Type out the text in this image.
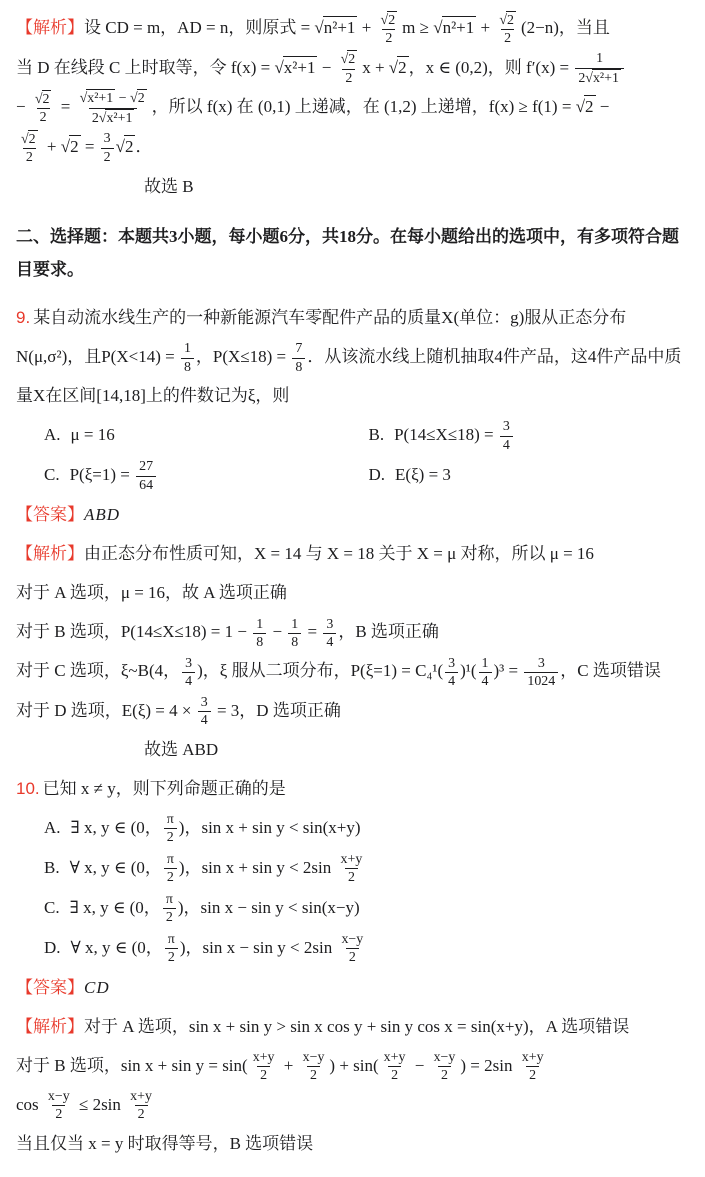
【解析】设 CD = m，AD = n，则原式 = $√n^2+1 + \frac{√2}{2}$ $m \ge √n^2+1 + \frac{√2}{2} (2-n)$，当且

当 D 在线段 C 上时取等，令 $f(x) = √x^2+1 - \frac{√2}{2}$ x + √2 ，x ∈ (0,2)，则 $f'(x) = \frac{1}{\text{2√x²+1}}$

− $\frac{√2}{2} = \frac{\text{√x²+1 − √2}}{\text{2√x²+1}}$ ，所以 f(x) 在 (0,1) 上递减，在 (1,2) 上递增，f(x) ≥ f(1) = √2 −

$\frac{√2}{2} + √2 = \frac{3}{2} √2$ ．

故选 B

二、选择题：本题共3小题，每小题6分，共18分。在每小题给出的选项中，有多项符合题目要求。

9. 某自动流水线生产的一种新能源汽车零配件产品的质量X(单位：g)服从正态分布N(μ,σ²)，且$P(X<14) = \frac{1}{8}$ ，$P(X\le 18) = \frac{7}{8}$ ．从该流水线上随机抽取4件产品，这4件产品中质量X在区间[14,18]上的件数记为ξ，则

A. μ = 16	B. $P(14\le X\le 18) = \frac{3}{4}$
C. $P(\xi=1) = \frac{27}{64}$	D. E(ξ) = 3

【答案】ABD

【解析】由正态分布性质可知，X = 14 与 X = 18 关于 X = μ 对称，所以 μ = 16

对于 A 选项，μ = 16，故 A 选项正确

对于 B 选项，$P(14\le X\le 18) = 1 - \frac{1}{8} - \frac{1}{8} = \frac{3}{4}$ ，B 选项正确

对于 C 选项，ξ~B(4， $\frac{3}{4}$ )，ξ 服从二项分布，$P(\xi=1) = C_4^1( \frac{3}{4} )^1( \frac{1}{4} )^3 = \frac{3}{1024}$ ，C 选项错误

对于 D 选项，$E(\xi) = 4 \times \frac{3}{4} = 3$，D 选项正确

故选 ABD

10. 已知 x ≠ y，则下列命题正确的是

A. ∃ x, y ∈ (0， $\frac{\pi}{2}$ )，sin x + sin y < sin(x+y)
B. ∀ x, y ∈ (0， $\frac{\pi}{2}$ )，$\sin x + \sin y < 2\sin \frac{x+y}{2}$
C. ∃ x, y ∈ (0， $\frac{\pi}{2}$ )，sin x − sin y < sin(x−y)
D. ∀ x, y ∈ (0， $\frac{\pi}{2}$ )，$\sin x - \sin y < 2\sin \frac{x-y}{2}$

【答案】CD

【解析】对于 A 选项，sin x + sin y > sin x cos y + sin y cos x = sin(x+y)，A 选项错误

对于 B 选项，$\sin x + \sin y = \sin( \frac{x+y}{2} + \frac{x-y}{2}$ ) + $\sin( \frac{x+y}{2} - \frac{x-y}{2}$ ) = $2\sin \frac{x+y}{2}$

$\cos \frac{x-y}{2} \le 2\sin \frac{x+y}{2}$

当且仅当 x = y 时取得等号，B 选项错误
